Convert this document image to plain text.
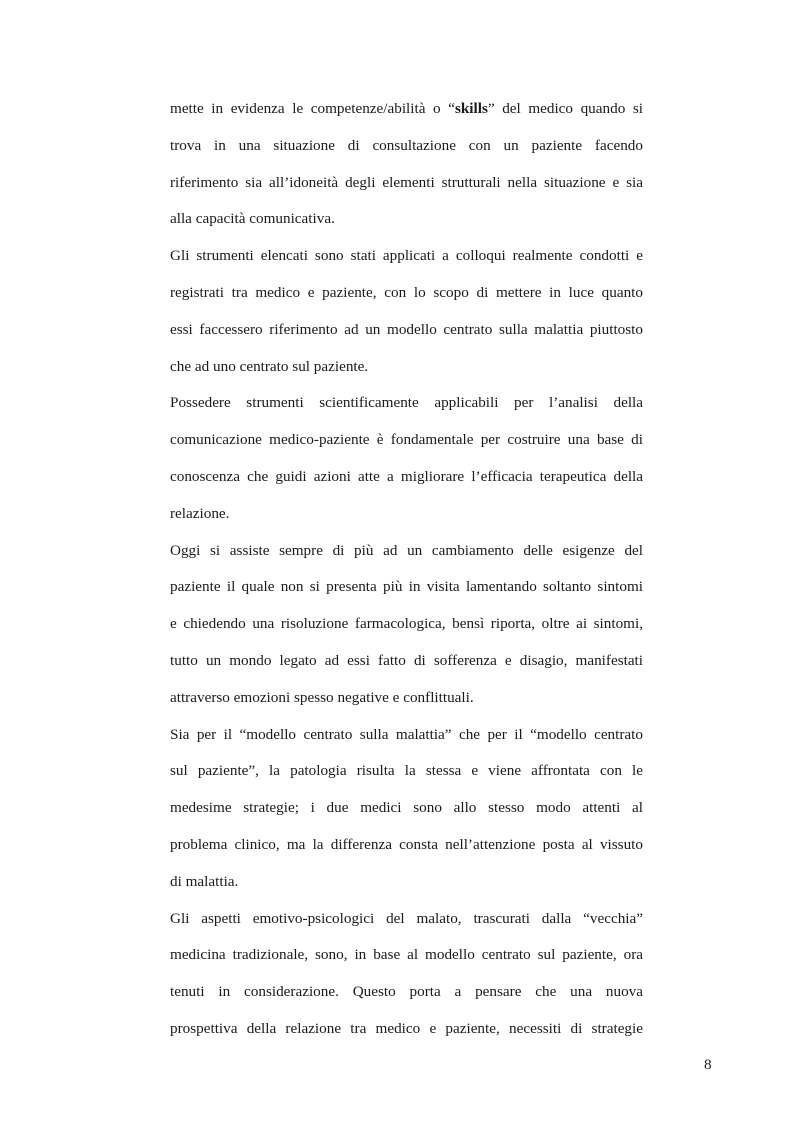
mette in evidenza le competenze/abilità o “skills” del medico quando si
trova in una situazione di consultazione con un paziente facendo
riferimento sia all’idoneità degli elementi strutturali nella situazione e sia
alla capacità comunicativa.
Gli strumenti elencati sono stati applicati a colloqui realmente condotti e
registrati tra medico e paziente, con lo scopo di mettere in luce quanto
essi faccessero riferimento ad un modello centrato sulla malattia piuttosto
che ad uno centrato sul paziente.
Possedere strumenti scientificamente applicabili per l’analisi della
comunicazione medico-paziente è fondamentale per costruire una base di
conoscenza che guidi azioni atte a migliorare l’efficacia terapeutica della
relazione.
Oggi si assiste sempre di più ad un cambiamento delle esigenze del
paziente il quale non si presenta più in visita lamentando soltanto sintomi
e chiedendo una risoluzione farmacologica, bensì riporta, oltre ai sintomi,
tutto un mondo legato ad essi fatto di sofferenza e disagio, manifestati
attraverso emozioni spesso negative e conflittuali.
Sia per il “modello centrato sulla malattia” che per il “modello centrato
sul paziente”, la patologia risulta la stessa e viene affrontata con le
medesime strategie; i due medici sono allo stesso modo attenti al
problema clinico, ma la differenza consta nell’attenzione posta al vissuto
di malattia.
Gli aspetti emotivo-psicologici del malato, trascurati dalla “vecchia”
medicina tradizionale, sono, in base al modello centrato sul paziente, ora
tenuti in considerazione. Questo porta a pensare che una nuova
prospettiva della relazione tra medico e paziente, necessiti di strategie
8
